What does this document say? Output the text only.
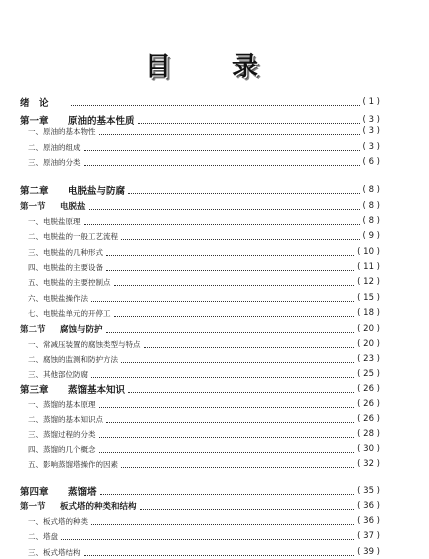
目 录
绪　论	( 1 )
第一章 原油的基本性质	( 3 )
一、原油的基本物性	( 3 )
二、原油的组成	( 3 )
三、原油的分类	( 6 )
第二章 电脱盐与防腐	( 8 )
第一节 电脱盐	( 8 )
一、电脱盐原理	( 8 )
二、电脱盐的一般工艺流程	( 9 )
三、电脱盐的几种形式	( 10 )
四、电脱盐的主要设备	( 11 )
五、电脱盐的主要控制点	( 12 )
六、电脱盐操作法	( 15 )
七、电脱盐单元的开停工	( 18 )
第二节 腐蚀与防护	( 20 )
一、常减压装置的腐蚀类型与特点	( 20 )
二、腐蚀的监测和防护方法	( 23 )
三、其他部位防腐	( 25 )
第三章 蒸馏基本知识	( 26 )
一、蒸馏的基本原理	( 26 )
二、蒸馏的基本知识点	( 26 )
三、蒸馏过程的分类	( 28 )
四、蒸馏的几个概念	( 30 )
五、影响蒸馏塔操作的因素	( 32 )
第四章 蒸馏塔	( 35 )
第一节 板式塔的种类和结构	( 36 )
一、板式塔的种类	( 36 )
二、塔盘	( 37 )
三、板式塔结构	( 39 )
